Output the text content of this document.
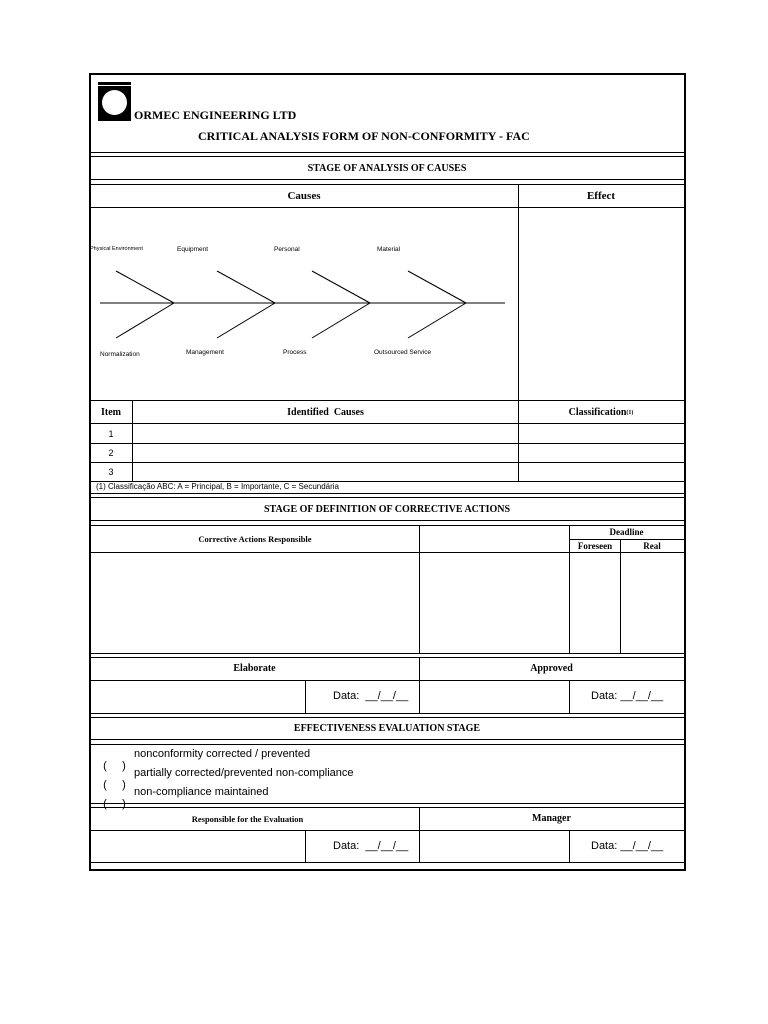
ORMEC ENGINEERING LTD
CRITICAL ANALYSIS FORM OF NON-CONFORMITY - FAC
STAGE OF ANALYSIS OF CAUSES
Causes	Effect
Physical Environment	Equipment	Personal	Material
Normalization	Management	Process	Outsourced Service
Item	Identified  Causes	Classification (1)
1
2
3
(1) Classificação ABC: A = Principal, B = Importante, C = Secundária
STAGE OF DEFINITION OF CORRECTIVE ACTIONS
Corrective Actions Responsible
Deadline
Foreseen	Real
Elaborate	Approved
Data:  __/__/__	Data: __/__/__
EFFECTIVENESS EVALUATION STAGE

(     )
nonconformity corrected / prevented

(     )
partially corrected/prevented non-compliance

(     )
non-compliance maintained

Responsible for the Evaluation	Manager
Data:  __/__/__	Data: __/__/__
